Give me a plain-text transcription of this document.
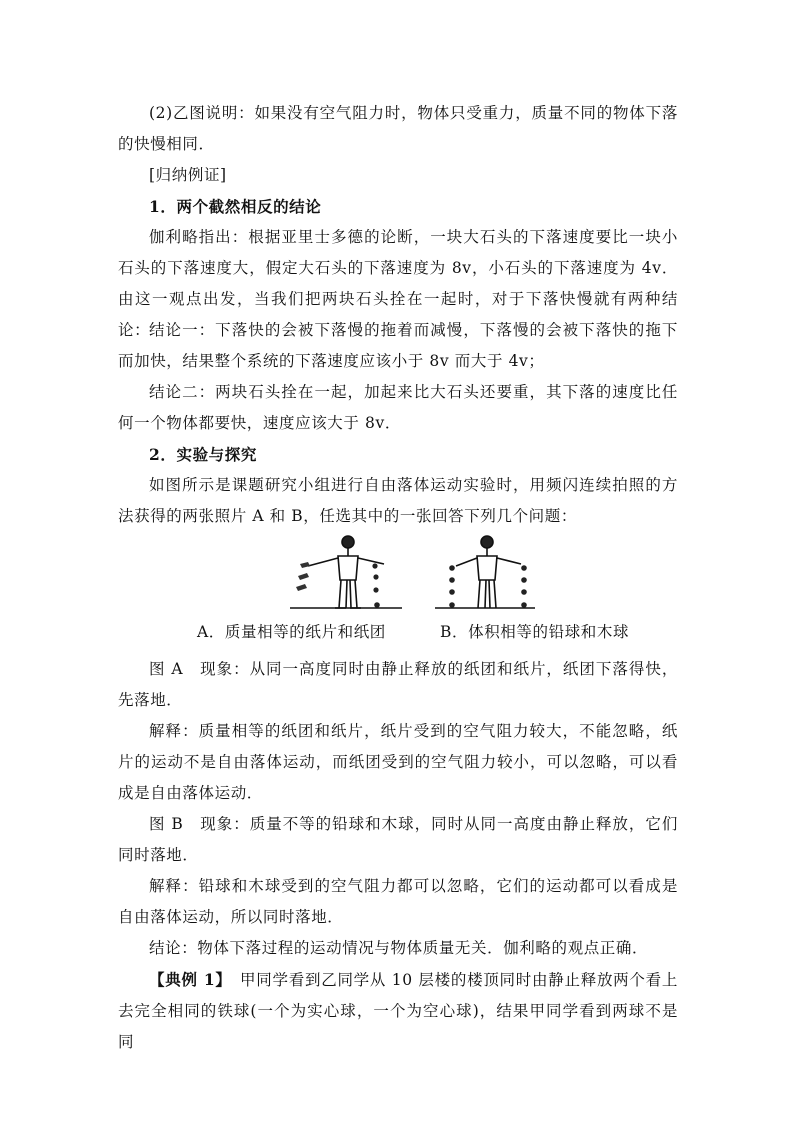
(2)乙图说明：如果没有空气阻力时，物体只受重力，质量不同的物体下落的快慢相同．
[归纳例证]
1．两个截然相反的结论
伽利略指出：根据亚里士多德的论断，一块大石头的下落速度要比一块小石头的下落速度大，假定大石头的下落速度为 8v，小石头的下落速度为 4v．由这一观点出发，当我们把两块石头拴在一起时，对于下落快慢就有两种结论：
结论一：下落快的会被下落慢的拖着而减慢，下落慢的会被下落快的拖下而加快，结果整个系统的下落速度应该小于 8v 而大于 4v；
结论二：两块石头拴在一起，加起来比大石头还要重，其下落的速度比任何一个物体都要快，速度应该大于 8v．
2．实验与探究
如图所示是课题研究小组进行自由落体运动实验时，用频闪连续拍照的方法获得的两张照片 A 和 B，任选其中的一张回答下列几个问题：
A．质量相等的纸片和纸团	B．体积相等的铅球和木球
图 A　现象：从同一高度同时由静止释放的纸团和纸片，纸团下落得快，先落地．
解释：质量相等的纸团和纸片，纸片受到的空气阻力较大，不能忽略，纸片的运动不是自由落体运动，而纸团受到的空气阻力较小，可以忽略，可以看成是自由落体运动．
图 B　现象：质量不等的铅球和木球，同时从同一高度由静止释放，它们同时落地．
解释：铅球和木球受到的空气阻力都可以忽略，它们的运动都可以看成是自由落体运动，所以同时落地．
结论：物体下落过程的运动情况与物体质量无关．伽利略的观点正确．
【典例 1】　甲同学看到乙同学从 10 层楼的楼顶同时由静止释放两个看上去完全相同的铁球(一个为实心球，一个为空心球)，结果甲同学看到两球不是同
